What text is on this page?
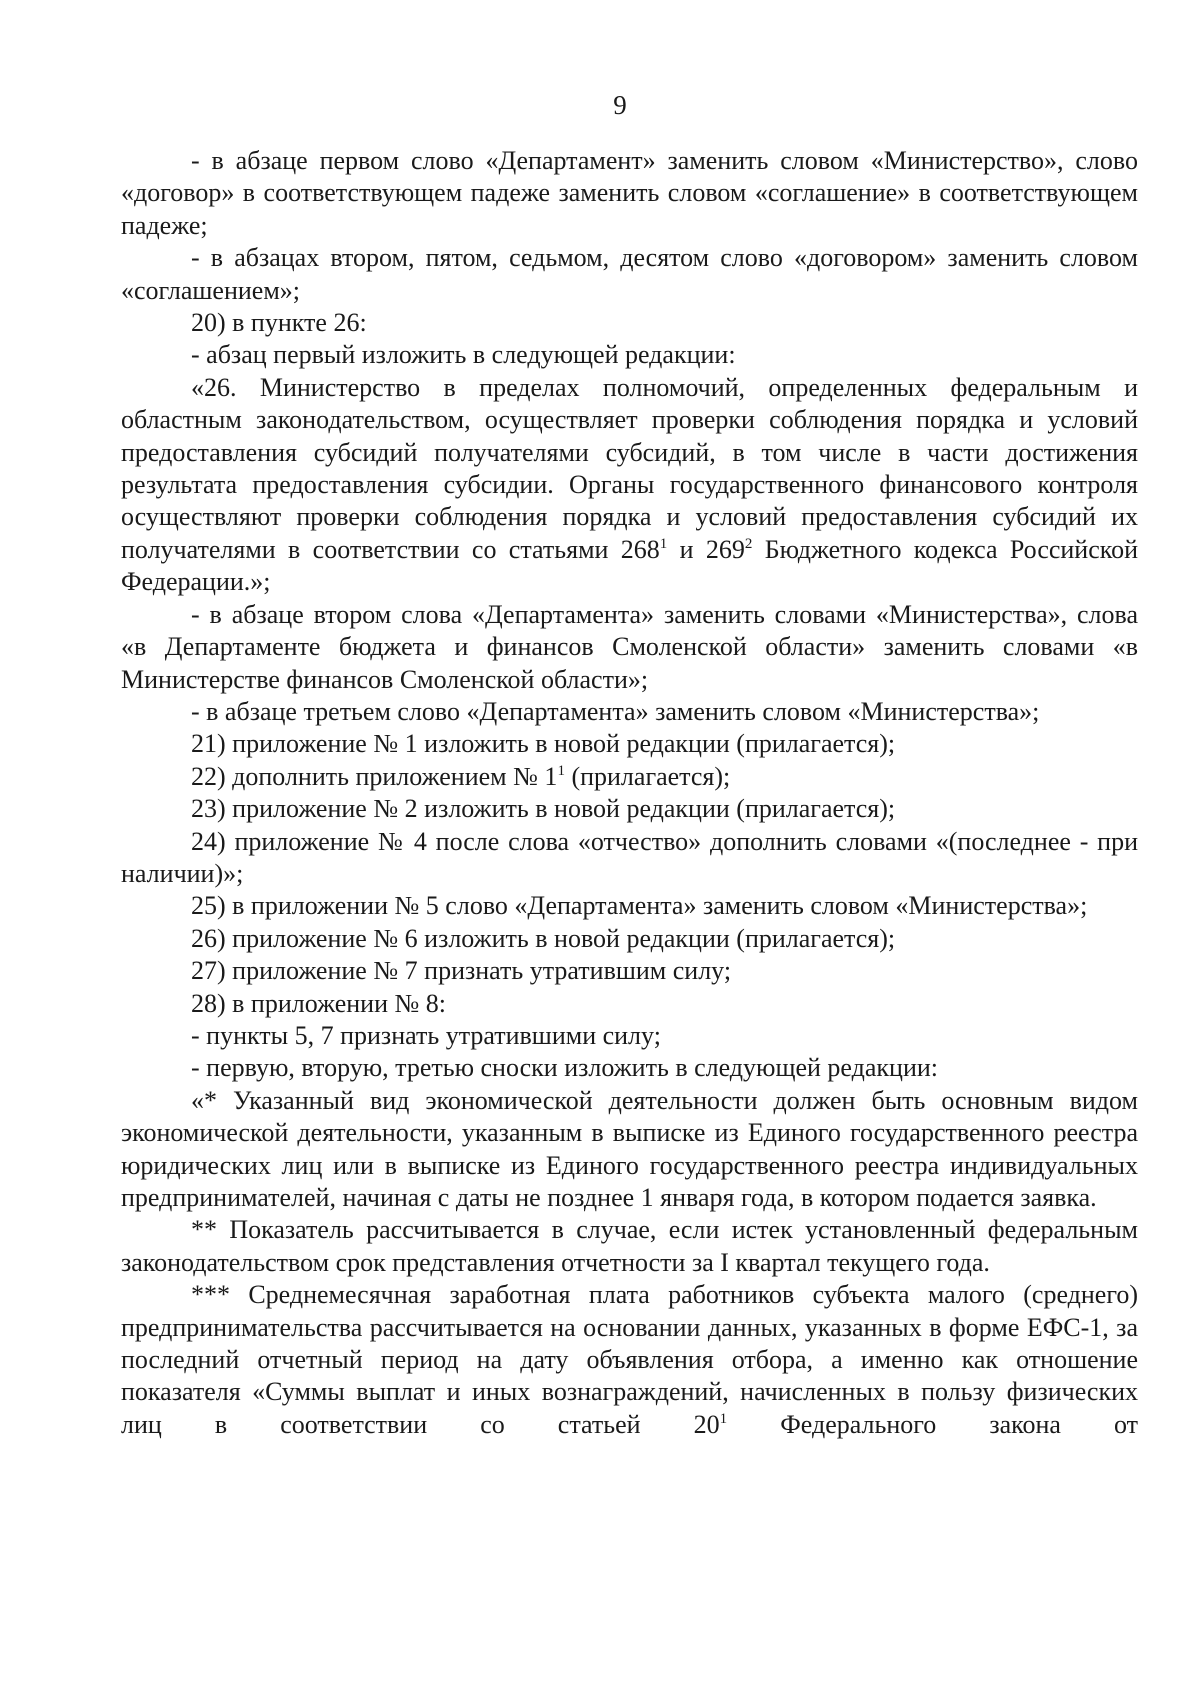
9

- в абзаце первом слово «Департамент» заменить словом «Министерство», слово «договор» в соответствующем падеже заменить словом «соглашение» в соответствующем падеже;

- в абзацах втором, пятом, седьмом, десятом слово «договором» заменить словом «соглашением»;

20) в пункте 26:

- абзац первый изложить в следующей редакции:

«26. Министерство в пределах полномочий, определенных федеральным и областным законодательством, осуществляет проверки соблюдения порядка и условий предоставления субсидий получателями субсидий, в том числе в части достижения результата предоставления субсидии. Органы государственного финансового контроля осуществляют проверки соблюдения порядка и условий предоставления субсидий их получателями в соответствии со статьями $268^1$ и $269^2$ Бюджетного кодекса Российской Федерации.»;

- в абзаце втором слова «Департамента» заменить словами «Министерства», слова «в Департаменте бюджета и финансов Смоленской области» заменить словами «в Министерстве финансов Смоленской области»;

- в абзаце третьем слово «Департамента» заменить словом «Министерства»;

21) приложение № 1 изложить в новой редакции (прилагается);

22) дополнить приложением № $1^1$ (прилагается);

23) приложение № 2 изложить в новой редакции (прилагается);

24) приложение № 4 после слова «отчество» дополнить словами «(последнее - при наличии)»;

25) в приложении № 5 слово «Департамента» заменить словом «Министерства»;

26) приложение № 6 изложить в новой редакции (прилагается);

27) приложение № 7 признать утратившим силу;

28) в приложении № 8:

- пункты 5, 7 признать утратившими силу;

- первую, вторую, третью сноски изложить в следующей редакции:

«* Указанный вид экономической деятельности должен быть основным видом экономической деятельности, указанным в выписке из Единого государственного реестра юридических лиц или в выписке из Единого государственного реестра индивидуальных предпринимателей, начиная с даты не позднее 1 января года, в котором подается заявка.

** Показатель рассчитывается в случае, если истек установленный федеральным законодательством срок представления отчетности за I квартал текущего года.

*** Среднемесячная заработная плата работников субъекта малого (среднего) предпринимательства рассчитывается на основании данных, указанных в форме ЕФС-1, за последний отчетный период на дату объявления отбора, а именно как отношение показателя «Суммы выплат и иных вознаграждений, начисленных в пользу физических лиц в соответствии со статьей $20^1$ Федерального закона от
